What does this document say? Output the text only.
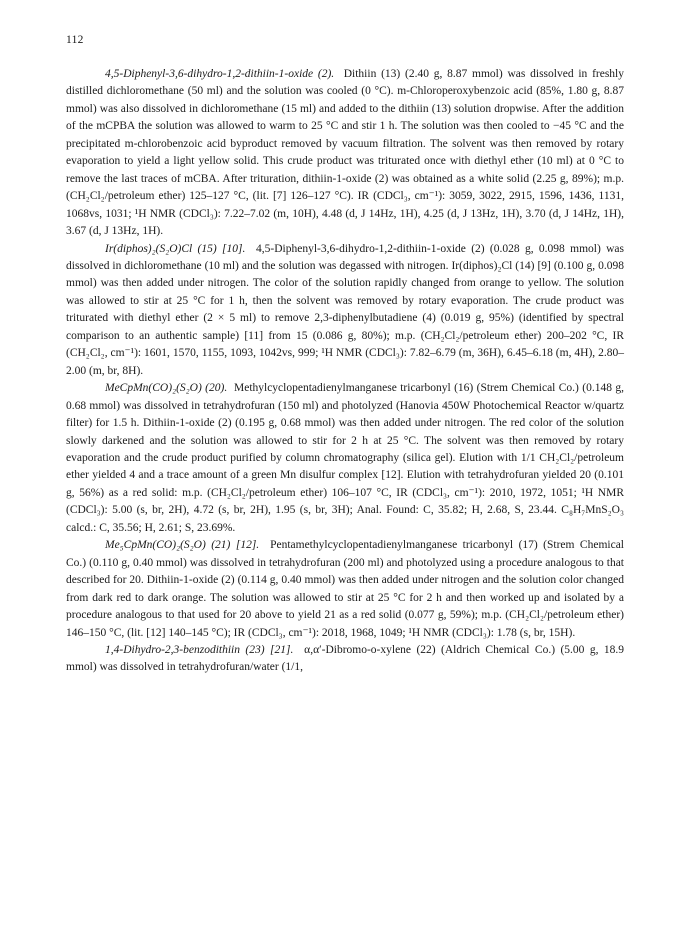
112

4,5-Diphenyl-3,6-dihydro-1,2-dithiin-1-oxide (2). Dithiin (13) (2.40 g, 8.87 mmol) was dissolved in freshly distilled dichloromethane (50 ml) and the solution was cooled (0 °C). m-Chloroperoxybenzoic acid (85%, 1.80 g, 8.87 mmol) was also dissolved in dichloromethane (15 ml) and added to the dithiin (13) solution dropwise. After the addition of the mCPBA the solution was allowed to warm to 25 °C and stir 1 h. The solution was then cooled to −45 °C and the precipitated m-chlorobenzoic acid byproduct removed by vacuum filtration. The solvent was then removed by rotary evaporation to yield a light yellow solid. This crude product was triturated once with diethyl ether (10 ml) at 0 °C to remove the last traces of mCBA. After trituration, dithiin-1-oxide (2) was obtained as a white solid (2.25 g, 89%); m.p. (CH₂Cl₂/petroleum ether) 125–127 °C, (lit. [7] 126–127 °C). IR (CDCl₃, cm⁻¹): 3059, 3022, 2915, 1596, 1436, 1131, 1068vs, 1031; ¹H NMR (CDCl₃): 7.22–7.02 (m, 10H), 4.48 (d, J 14Hz, 1H), 4.25 (d, J 13Hz, 1H), 3.70 (d, J 14Hz, 1H), 3.67 (d, J 13Hz, 1H).

Ir(diphos)₂(S₂O)Cl (15) [10]. 4,5-Diphenyl-3,6-dihydro-1,2-dithiin-1-oxide (2) (0.028 g, 0.098 mmol) was dissolved in dichloromethane (10 ml) and the solution was degassed with nitrogen. Ir(diphos)₂Cl (14) [9] (0.100 g, 0.098 mmol) was then added under nitrogen. The color of the solution rapidly changed from orange to yellow. The solution was allowed to stir at 25 °C for 1 h, then the solvent was removed by rotary evaporation. The crude product was triturated with diethyl ether (2 × 5 ml) to remove 2,3-diphenylbutadiene (4) (0.019 g, 95%) (identified by spectral comparison to an authentic sample) [11] from 15 (0.086 g, 80%); m.p. (CH₂Cl₂/petroleum ether) 200–202 °C, IR (CH₂Cl₂, cm⁻¹): 1601, 1570, 1155, 1093, 1042vs, 999; ¹H NMR (CDCl₃): 7.82–6.79 (m, 36H), 6.45–6.18 (m, 4H), 2.80–2.00 (m, br, 8H).

MeCpMn(CO)₂(S₂O) (20). Methylcyclopentadienylmanganese tricarbonyl (16) (Strem Chemical Co.) (0.148 g, 0.68 mmol) was dissolved in tetrahydrofuran (150 ml) and photolyzed (Hanovia 450W Photochemical Reactor w/quartz filter) for 1.5 h. Dithiin-1-oxide (2) (0.195 g, 0.68 mmol) was then added under nitrogen. The red color of the solution slowly darkened and the solution was allowed to stir for 2 h at 25 °C. The solvent was then removed by rotary evaporation and the crude product purified by column chromatography (silica gel). Elution with 1/1 CH₂Cl₂/petroleum ether yielded 4 and a trace amount of a green Mn disulfur complex [12]. Elution with tetrahydrofuran yielded 20 (0.101 g, 56%) as a red solid: m.p. (CH₂Cl₂/petroleum ether) 106–107 °C, IR (CDCl₃, cm⁻¹): 2010, 1972, 1051; ¹H NMR (CDCl₃): 5.00 (s, br, 2H), 4.72 (s, br, 2H), 1.95 (s, br, 3H); Anal. Found: C, 35.82; H, 2.68, S, 23.44. C₈H₇MnS₂O₃ calcd.: C, 35.56; H, 2.61; S, 23.69%.

Me₅CpMn(CO)₂(S₂O) (21) [12]. Pentamethylcyclopentadienylmanganese tricarbonyl (17) (Strem Chemical Co.) (0.110 g, 0.40 mmol) was dissolved in tetrahydrofuran (200 ml) and photolyzed using a procedure analogous to that described for 20. Dithiin-1-oxide (2) (0.114 g, 0.40 mmol) was then added under nitrogen and the solution color changed from dark red to dark orange. The solution was allowed to stir at 25 °C for 2 h and then worked up and isolated by a procedure analogous to that used for 20 above to yield 21 as a red solid (0.077 g, 59%); m.p. (CH₂Cl₂/petroleum ether) 146–150 °C, (lit. [12] 140–145 °C); IR (CDCl₃, cm⁻¹): 2018, 1968, 1049; ¹H NMR (CDCl₃): 1.78 (s, br, 15H).

1,4-Dihydro-2,3-benzodithiin (23) [21]. α,α′-Dibromo-o-xylene (22) (Aldrich Chemical Co.) (5.00 g, 18.9 mmol) was dissolved in tetrahydrofuran/water (1/1,
